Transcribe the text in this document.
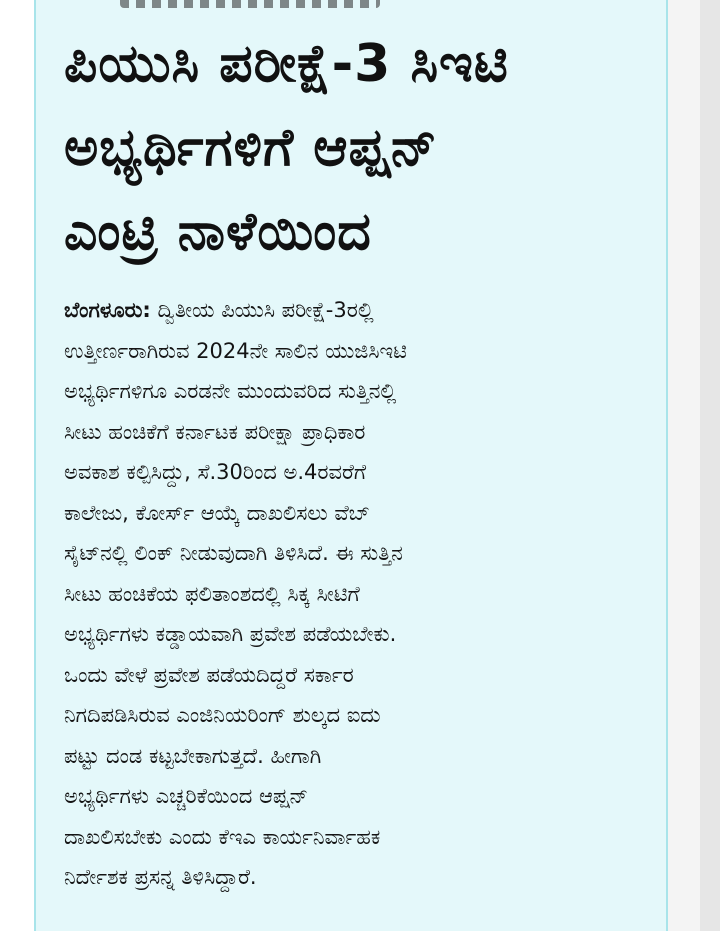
ಪಿಯುಸಿ ಪರೀಕ್ಷೆ-3 ಸಿಇಟಿ
ಅಭ್ಯರ್ಥಿಗಳಿಗೆ ಆಪ್ಷನ್
ಎಂಟ್ರಿ ನಾಳೆಯಿಂದ
ಬೆಂಗಳೂರು: ದ್ವಿತೀಯ ಪಿಯುಸಿ ಪರೀಕ್ಷೆ-3ರಲ್ಲಿ
ಉತ್ತೀರ್ಣರಾಗಿರುವ 2024ನೇ ಸಾಲಿನ ಯುಜಿಸಿಇಟಿ
ಅಭ್ಯರ್ಥಿಗಳಿಗೂ ಎರಡನೇ ಮುಂದುವರಿದ ಸುತ್ತಿನಲ್ಲಿ
ಸೀಟು ಹಂಚಿಕೆಗೆ ಕರ್ನಾಟಕ ಪರೀಕ್ಷಾ ಪ್ರಾಧಿಕಾರ
ಅವಕಾಶ ಕಲ್ಪಿಸಿದ್ದು, ಸೆ.30ರಿಂದ ಅ.4ರವರೆಗೆ
ಕಾಲೇಜು, ಕೋರ್ಸ್ ಆಯ್ಕೆ ದಾಖಲಿಸಲು ವೆಬ್
ಸೈಟ್‌ನಲ್ಲಿ ಲಿಂಕ್ ನೀಡುವುದಾಗಿ ತಿಳಿಸಿದೆ. ಈ ಸುತ್ತಿನ
ಸೀಟು ಹಂಚಿಕೆಯ ಫಲಿತಾಂಶದಲ್ಲಿ ಸಿಕ್ಕ ಸೀಟಿಗೆ
ಅಭ್ಯರ್ಥಿಗಳು ಕಡ್ಡಾಯವಾಗಿ ಪ್ರವೇಶ ಪಡೆಯಬೇಕು.
ಒಂದು ವೇಳೆ ಪ್ರವೇಶ ಪಡೆಯದಿದ್ದರೆ ಸರ್ಕಾರ
ನಿಗದಿಪಡಿಸಿರುವ ಎಂಜಿನಿಯರಿಂಗ್ ಶುಲ್ಕದ ಐದು
ಪಟ್ಟು ದಂಡ ಕಟ್ಟಬೇಕಾಗುತ್ತದೆ. ಹೀಗಾಗಿ
ಅಭ್ಯರ್ಥಿಗಳು ಎಚ್ಚರಿಕೆಯಿಂದ ಆಪ್ಷನ್
ದಾಖಲಿಸಬೇಕು ಎಂದು ಕೆಇಎ ಕಾರ್ಯನಿರ್ವಾಹಕ
ನಿರ್ದೇಶಕ ಪ್ರಸನ್ನ ತಿಳಿಸಿದ್ದಾರೆ.
